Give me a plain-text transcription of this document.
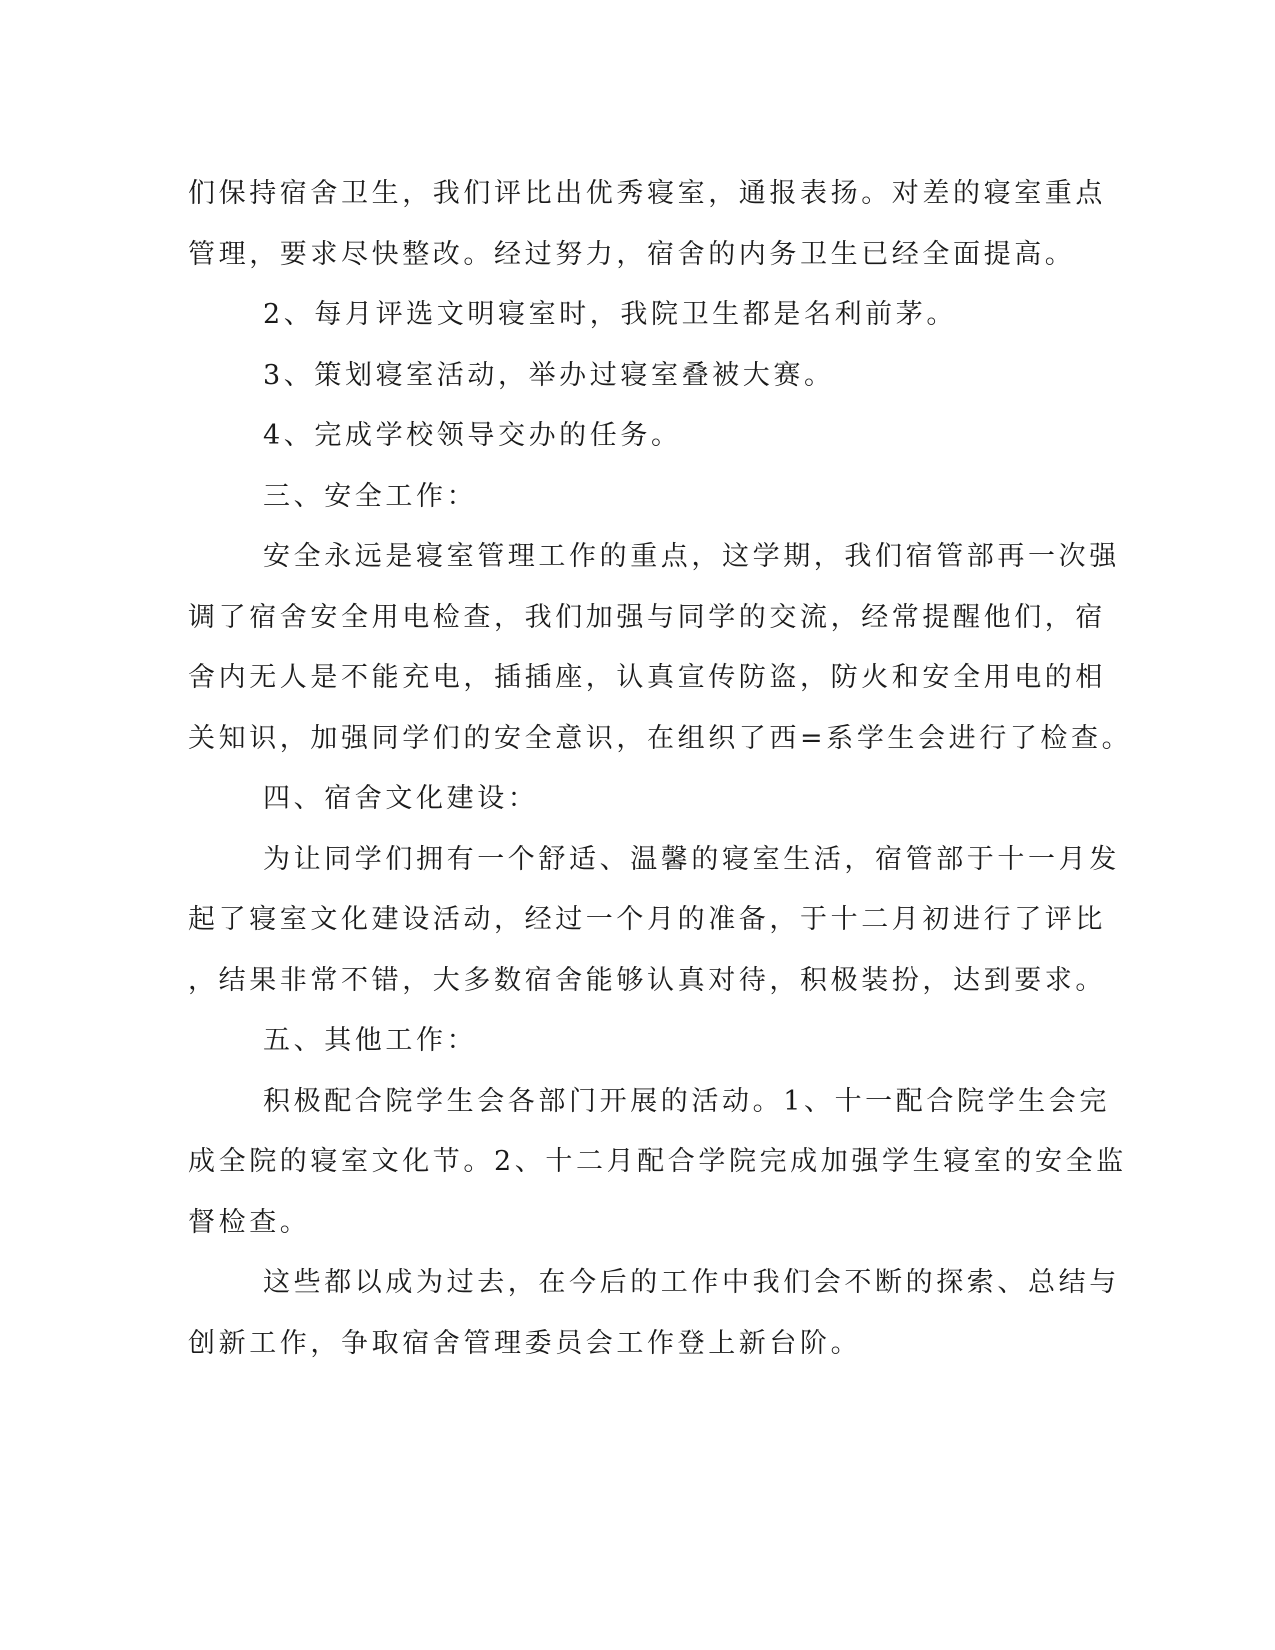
们保持宿舍卫生，我们评比出优秀寝室，通报表扬。对差的寝室重点
管理，要求尽快整改。经过努力，宿舍的内务卫生已经全面提高。
2、每月评选文明寝室时，我院卫生都是名利前茅。
3、策划寝室活动，举办过寝室叠被大赛。
4、完成学校领导交办的任务。
三、安全工作：
安全永远是寝室管理工作的重点，这学期，我们宿管部再一次强
调了宿舍安全用电检查，我们加强与同学的交流，经常提醒他们，宿
舍内无人是不能充电，插插座，认真宣传防盗，防火和安全用电的相
关知识，加强同学们的安全意识，在组织了西=系学生会进行了检查。
四、宿舍文化建设：
为让同学们拥有一个舒适、温馨的寝室生活，宿管部于十一月发
起了寝室文化建设活动，经过一个月的准备，于十二月初进行了评比
，结果非常不错，大多数宿舍能够认真对待，积极装扮，达到要求。
五、其他工作：
积极配合院学生会各部门开展的活动。1、十一配合院学生会完
成全院的寝室文化节。2、十二月配合学院完成加强学生寝室的安全监
督检查。
这些都以成为过去，在今后的工作中我们会不断的探索、总结与
创新工作，争取宿舍管理委员会工作登上新台阶。
